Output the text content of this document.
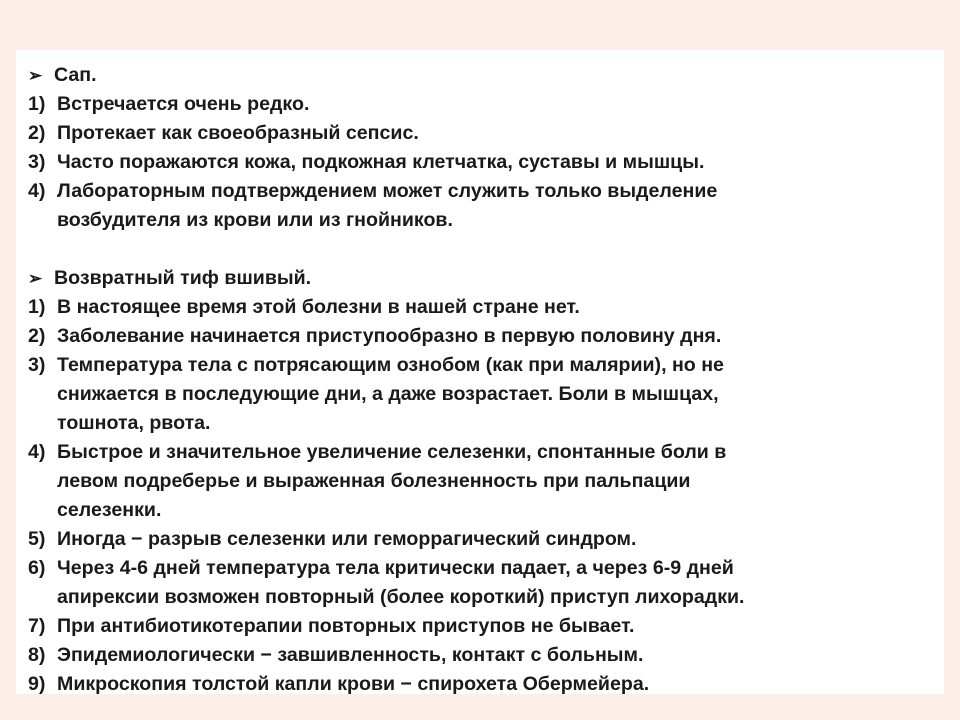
➢ Сап.
1) Встречается очень редко.
2) Протекает как своеобразный сепсис.
3) Часто поражаются кожа, подкожная клетчатка, суставы и мышцы.
4) Лабораторным подтверждением может служить только выделение
возбудителя из крови или из гнойников.
➢ Возвратный тиф вшивый.
1) В настоящее время этой болезни в нашей стране нет.
2) Заболевание начинается приступообразно в первую половину дня.
3) Температура тела с потрясающим ознобом (как при малярии), но не
снижается в последующие дни, а даже возрастает. Боли в мышцах,
тошнота, рвота.
4) Быстрое и значительное увеличение селезенки, спонтанные боли в
левом подреберье и выраженная болезненность при пальпации
селезенки.
5) Иногда − разрыв селезенки или геморрагический синдром.
6) Через 4-6 дней температура тела критически падает, а через 6-9 дней
апирексии возможен повторный (более короткий) приступ лихорадки.
7) При антибиотикотерапии повторных приступов не бывает.
8) Эпидемиологически − завшивленность, контакт с больным.
9) Микроскопия толстой капли крови − спирохета Обермейера.
